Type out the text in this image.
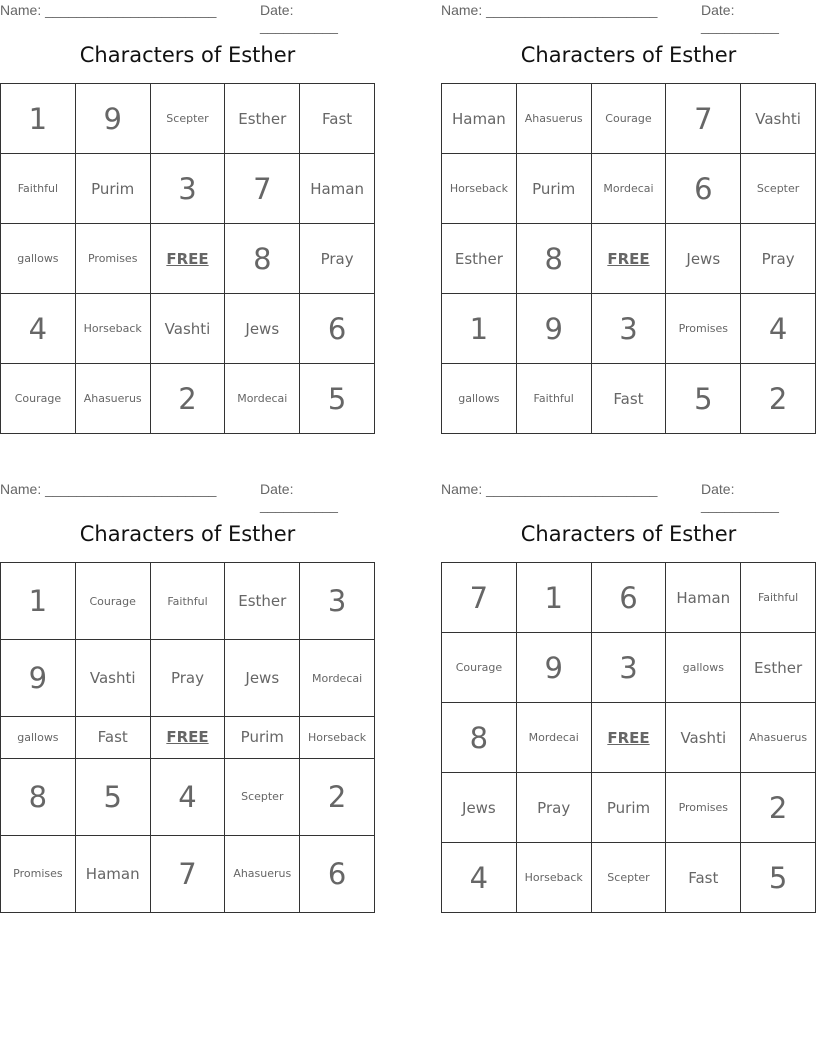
Name: ______________________	Date: __________
Characters of Esther
1	9	Scepter	Esther	Fast
Faithful	Purim	3	7	Haman
gallows	Promises	FREE	8	Pray
4	Horseback	Vashti	Jews	6
Courage	Ahasuerus	2	Mordecai	5
Name: ______________________	Date: __________
Characters of Esther
Haman	Ahasuerus	Courage	7	Vashti
Horseback	Purim	Mordecai	6	Scepter
Esther	8	FREE	Jews	Pray
1	9	3	Promises	4
gallows	Faithful	Fast	5	2
Name: ______________________	Date: __________
Characters of Esther
1	Courage	Faithful	Esther	3
9	Vashti	Pray	Jews	Mordecai
gallows	Fast	FREE	Purim	Horseback
8	5	4	Scepter	2
Promises	Haman	7	Ahasuerus	6
Name: ______________________	Date: __________
Characters of Esther
7	1	6	Haman	Faithful
Courage	9	3	gallows	Esther
8	Mordecai	FREE	Vashti	Ahasuerus
Jews	Pray	Purim	Promises	2
4	Horseback	Scepter	Fast	5
